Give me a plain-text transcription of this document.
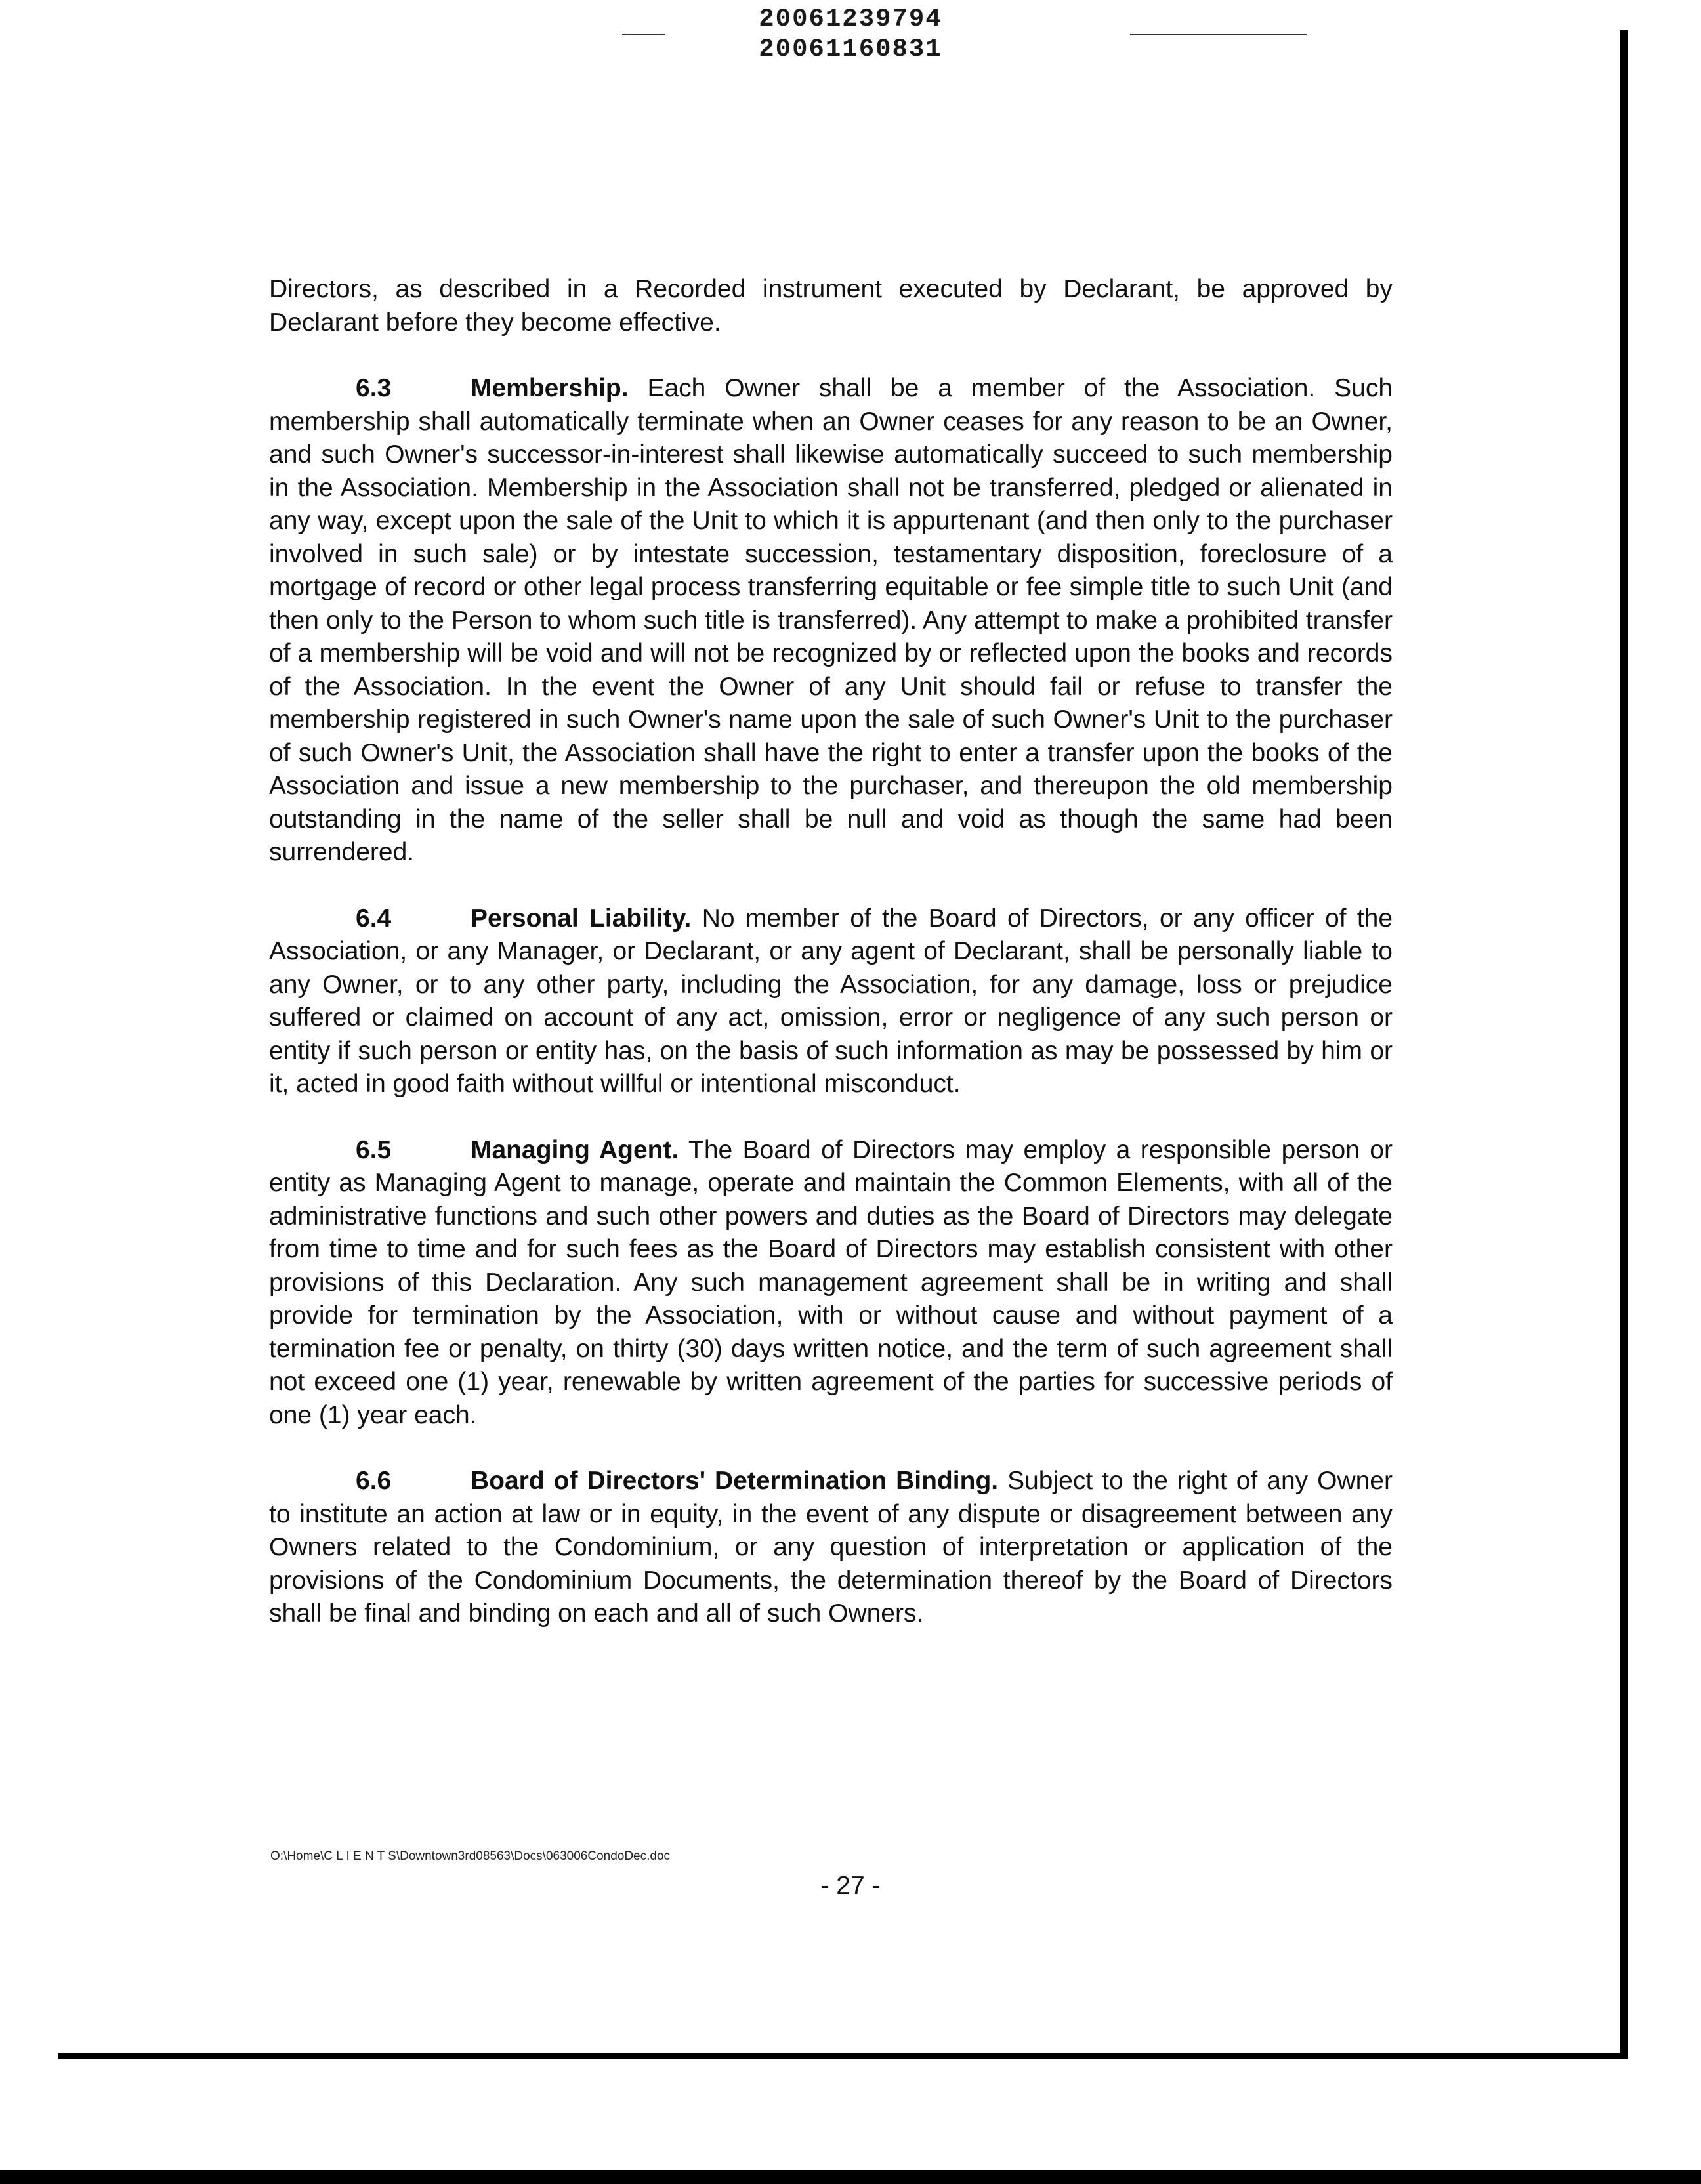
20061239794
20061160831

Directors, as described in a Recorded instrument executed by Declarant, be approved by Declarant before they become effective.

6.3	Membership. Each Owner shall be a member of the Association. Such membership shall automatically terminate when an Owner ceases for any reason to be an Owner, and such Owner's successor-in-interest shall likewise automatically succeed to such membership in the Association. Membership in the Association shall not be transferred, pledged or alienated in any way, except upon the sale of the Unit to which it is appurtenant (and then only to the purchaser involved in such sale) or by intestate succession, testamentary disposition, foreclosure of a mortgage of record or other legal process transferring equitable or fee simple title to such Unit (and then only to the Person to whom such title is transferred). Any attempt to make a prohibited transfer of a membership will be void and will not be recognized by or reflected upon the books and records of the Association. In the event the Owner of any Unit should fail or refuse to transfer the membership registered in such Owner's name upon the sale of such Owner's Unit to the purchaser of such Owner's Unit, the Association shall have the right to enter a transfer upon the books of the Association and issue a new membership to the purchaser, and thereupon the old membership outstanding in the name of the seller shall be null and void as though the same had been surrendered.

6.4	Personal Liability. No member of the Board of Directors, or any officer of the Association, or any Manager, or Declarant, or any agent of Declarant, shall be personally liable to any Owner, or to any other party, including the Association, for any damage, loss or prejudice suffered or claimed on account of any act, omission, error or negligence of any such person or entity if such person or entity has, on the basis of such information as may be possessed by him or it, acted in good faith without willful or intentional misconduct.

6.5	Managing Agent. The Board of Directors may employ a responsible person or entity as Managing Agent to manage, operate and maintain the Common Elements, with all of the administrative functions and such other powers and duties as the Board of Directors may delegate from time to time and for such fees as the Board of Directors may establish consistent with other provisions of this Declaration. Any such management agreement shall be in writing and shall provide for termination by the Association, with or without cause and without payment of a termination fee or penalty, on thirty (30) days written notice, and the term of such agreement shall not exceed one (1) year, renewable by written agreement of the parties for successive periods of one (1) year each.

6.6	Board of Directors' Determination Binding. Subject to the right of any Owner to institute an action at law or in equity, in the event of any dispute or disagreement between any Owners related to the Condominium, or any question of interpretation or application of the provisions of the Condominium Documents, the determination thereof by the Board of Directors shall be final and binding on each and all of such Owners.

O:\Home\C L I E N T S\Downtown3rd08563\Docs\063006CondoDec.doc
- 27 -
